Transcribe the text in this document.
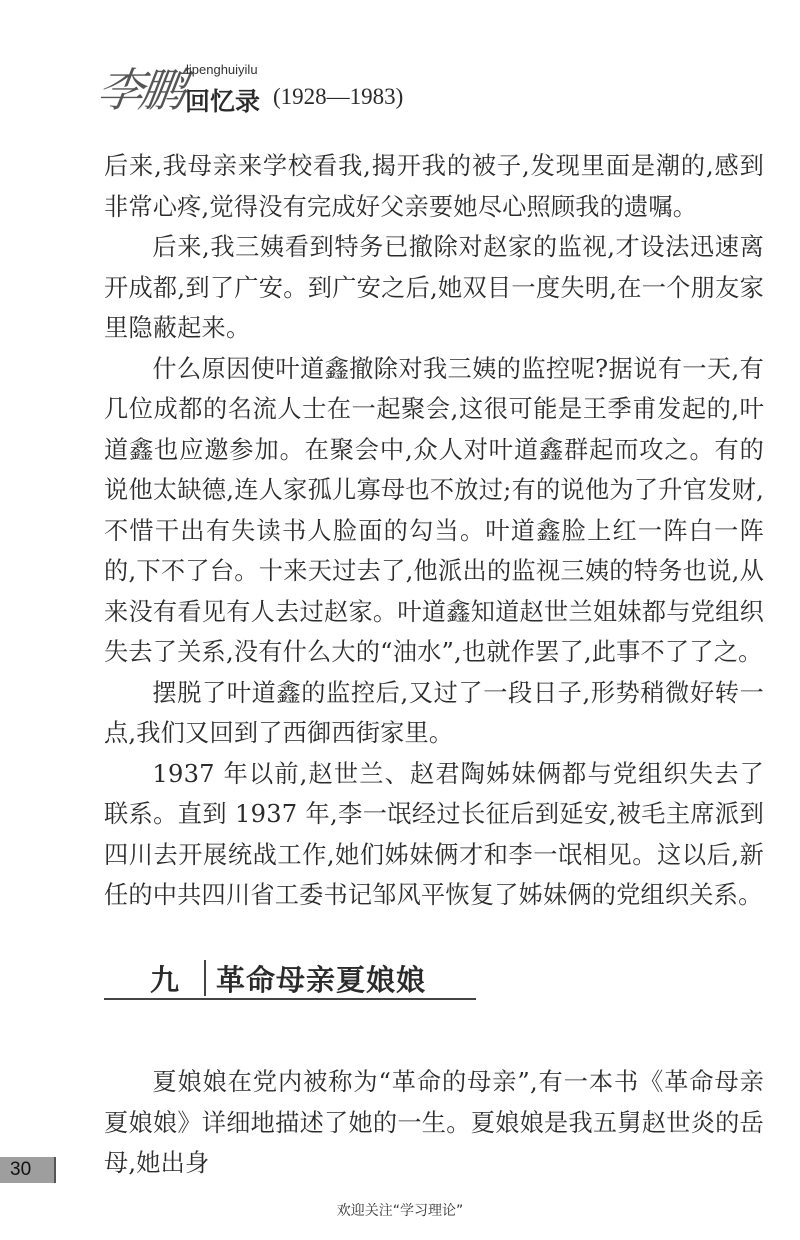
李鹏 lipenghuiyilu
回忆录 (1928—1983)

后来,我母亲来学校看我,揭开我的被子,发现里面是潮的,感到非常心疼,觉得没有完成好父亲要她尽心照顾我的遗嘱。

后来,我三姨看到特务已撤除对赵家的监视,才设法迅速离开成都,到了广安。到广安之后,她双目一度失明,在一个朋友家里隐蔽起来。

什么原因使叶道鑫撤除对我三姨的监控呢?据说有一天,有几位成都的名流人士在一起聚会,这很可能是王季甫发起的,叶道鑫也应邀参加。在聚会中,众人对叶道鑫群起而攻之。有的说他太缺德,连人家孤儿寡母也不放过;有的说他为了升官发财,不惜干出有失读书人脸面的勾当。叶道鑫脸上红一阵白一阵的,下不了台。十来天过去了,他派出的监视三姨的特务也说,从来没有看见有人去过赵家。叶道鑫知道赵世兰姐妹都与党组织失去了关系,没有什么大的“油水”,也就作罢了,此事不了了之。

摆脱了叶道鑫的监控后,又过了一段日子,形势稍微好转一点,我们又回到了西御西街家里。

1937 年以前,赵世兰、赵君陶姊妹俩都与党组织失去了联系。直到 1937 年,李一氓经过长征后到延安,被毛主席派到四川去开展统战工作,她们姊妹俩才和李一氓相见。这以后,新任的中共四川省工委书记邹风平恢复了姊妹俩的党组织关系。

九 革命母亲夏娘娘

夏娘娘在党内被称为“革命的母亲”,有一本书《革命母亲夏娘娘》详细地描述了她的一生。夏娘娘是我五舅赵世炎的岳母,她出身

30
欢迎关注“学习理论”
